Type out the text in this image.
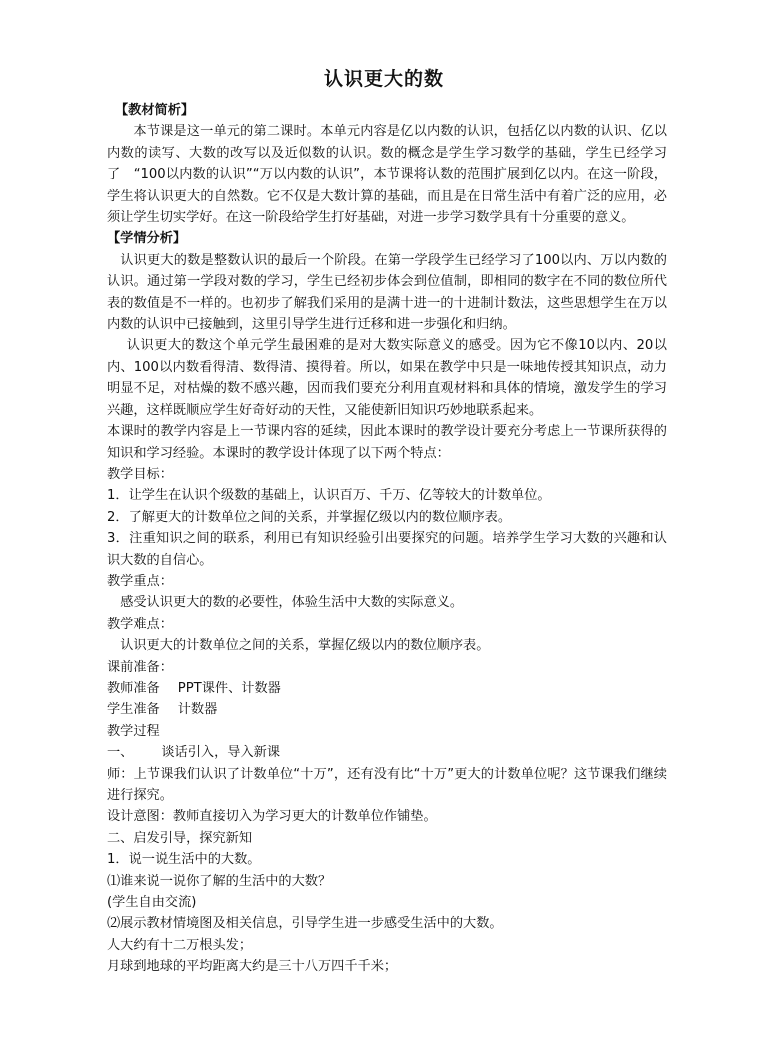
认识更大的数

【教材简析】

本节课是这一单元的第二课时。本单元内容是亿以内数的认识，包括亿以内数的认识、亿以内数的读写、大数的改写以及近似数的认识。数的概念是学生学习数学的基础，学生已经学习了　“100以内数的认识”“万以内数的认识”，本节课将认数的范围扩展到亿以内。在这一阶段，学生将认识更大的自然数。它不仅是大数计算的基础，而且是在日常生活中有着广泛的应用，必须让学生切实学好。在这一阶段给学生打好基础，对进一步学习数学具有十分重要的意义。

【学情分析】

认识更大的数是整数认识的最后一个阶段。在第一学段学生已经学习了100以内、万以内数的认识。通过第一学段对数的学习，学生已经初步体会到位值制，即相同的数字在不同的数位所代表的数值是不一样的。也初步了解我们采用的是满十进一的十进制计数法，这些思想学生在万以内数的认识中已接触到，这里引导学生进行迁移和进一步强化和归纳。

认识更大的数这个单元学生最困难的是对大数实际意义的感受。因为它不像10以内、20以内、100以内数看得清、数得清、摸得着。所以，如果在教学中只是一味地传授其知识点，动力明显不足，对枯燥的数不感兴趣，因而我们要充分利用直观材料和具体的情境，激发学生的学习兴趣，这样既顺应学生好奇好动的天性，又能使新旧知识巧妙地联系起来。

本课时的教学内容是上一节课内容的延续，因此本课时的教学设计要充分考虑上一节课所获得的知识和学习经验。本课时的教学设计体现了以下两个特点：

教学目标：

1．让学生在认识个级数的基础上，认识百万、千万、亿等较大的计数单位。

2．了解更大的计数单位之间的关系，并掌握亿级以内的数位顺序表。

3．注重知识之间的联系，利用已有知识经验引出要探究的问题。培养学生学习大数的兴趣和认识大数的自信心。

教学重点：

感受认识更大的数的必要性，体验生活中大数的实际意义。

教学难点：

认识更大的计数单位之间的关系，掌握亿级以内的数位顺序表。

课前准备：

教师准备 PPT课件、计数器

学生准备 计数器

教学过程

一、 谈话引入，导入新课

师：上节课我们认识了计数单位“十万”，还有没有比“十万”更大的计数单位呢？这节课我们继续进行探究。

设计意图：教师直接切入为学习更大的计数单位作铺垫。

二、启发引导，探究新知

1．说一说生活中的大数。

⑴谁来说一说你了解的生活中的大数？

(学生自由交流)

⑵展示教材情境图及相关信息，引导学生进一步感受生活中的大数。

人大约有十二万根头发；

月球到地球的平均距离大约是三十八万四千千米；
